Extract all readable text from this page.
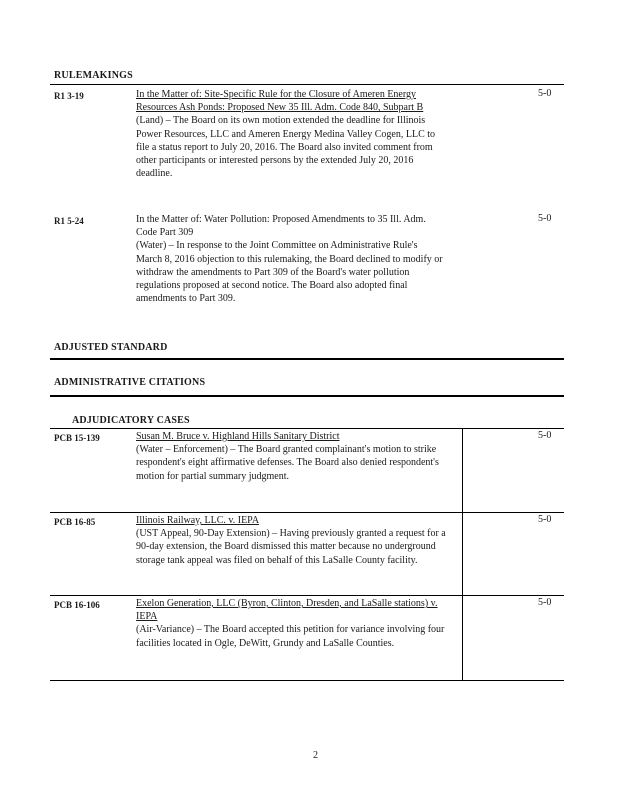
RULEMAKINGS
R1 3-19	In the Matter of: Site-Specific Rule for the Closure of Ameren Energy Resources Ash Ponds: Proposed New 35 Ill. Adm. Code 840, Subpart B
(Land) – The Board on its own motion extended the deadline for Illinois Power Resources, LLC and Ameren Energy Medina Valley Cogen, LLC to file a status report to July 20, 2016. The Board also invited comment from other participants or interested persons by the extended July 20, 2016 deadline.
5-0
R1 5-24	In the Matter of: Water Pollution: Proposed Amendments to 35 Ill. Adm. Code Part 309
(Water) – In response to the Joint Committee on Administrative Rule's March 8, 2016 objection to this rulemaking, the Board declined to modify or withdraw the amendments to Part 309 of the Board's water pollution regulations proposed at second notice. The Board also adopted final amendments to Part 309.
5-0
ADJUSTED STANDARD
ADMINISTRATIVE CITATIONS
ADJUDICATORY CASES
PCB 15-139	Susan M. Bruce v. Highland Hills Sanitary District
(Water – Enforcement) – The Board granted complainant's motion to strike respondent's eight affirmative defenses. The Board also denied respondent's motion for partial summary judgment.
5-0
PCB 16-85	Illinois Railway, LLC. v. IEPA
(UST Appeal, 90-Day Extension) – Having previously granted a request for a 90-day extension, the Board dismissed this matter because no underground storage tank appeal was filed on behalf of this LaSalle County facility.
5-0
PCB 16-106	Exelon Generation, LLC (Byron, Clinton, Dresden, and LaSalle stations) v. IEPA
(Air-Variance) – The Board accepted this petition for variance involving four facilities located in Ogle, DeWitt, Grundy and LaSalle Counties.
5-0
2
